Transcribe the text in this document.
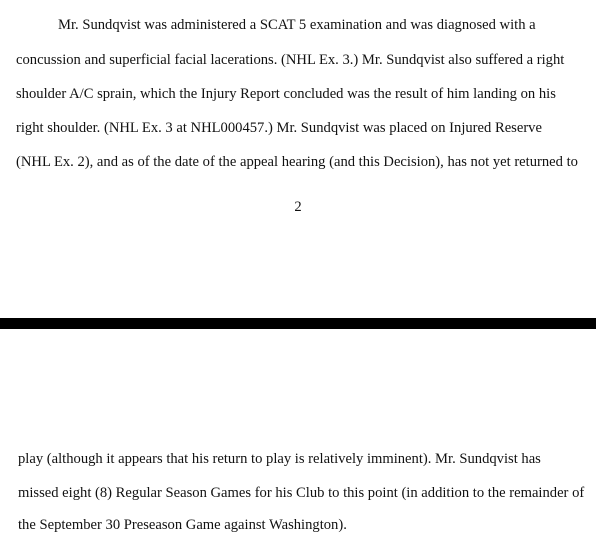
Mr. Sundqvist was administered a SCAT 5 examination and was diagnosed with a
concussion and superficial facial lacerations. (NHL Ex. 3.) Mr. Sundqvist also suffered a right
shoulder A/C sprain, which the Injury Report concluded was the result of him landing on his
right shoulder. (NHL Ex. 3 at NHL000457.) Mr. Sundqvist was placed on Injured Reserve
(NHL Ex. 2), and as of the date of the appeal hearing (and this Decision), has not yet returned to
2
play (although it appears that his return to play is relatively imminent). Mr. Sundqvist has
missed eight (8) Regular Season Games for his Club to this point (in addition to the remainder of
the September 30 Preseason Game against Washington).
